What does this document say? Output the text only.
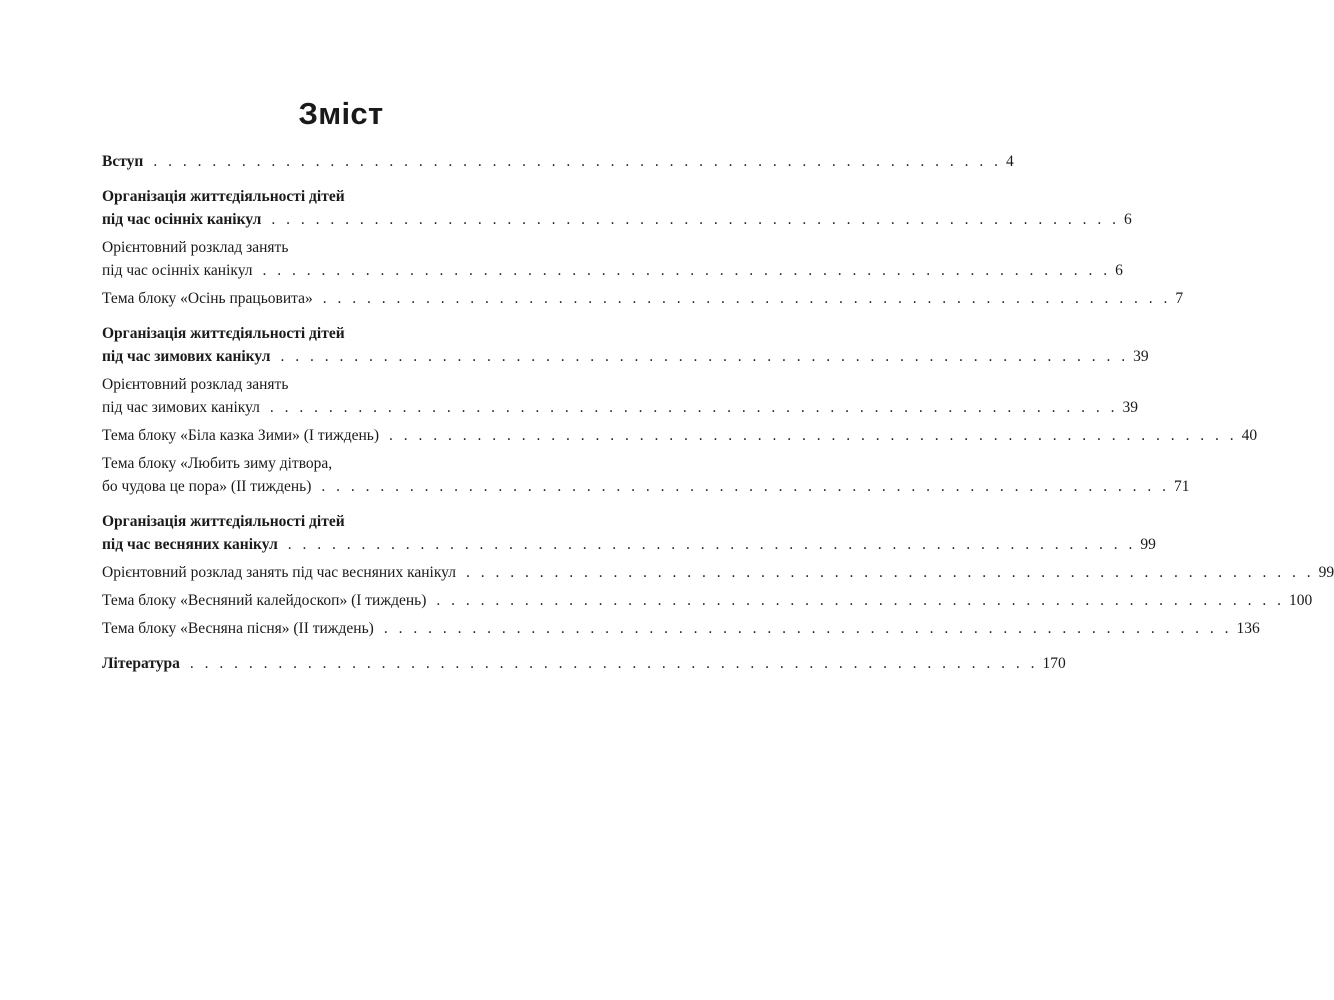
Зміст
Вступ . . . . . . . . . . . . . . . . . . . . . . . . . . . . . . . . . . . . . . . . . . . . . . . . . . . . . . . . . . 4
Організація життєдіяльності дітей
під час осінніх канікул . . . . . . . . . . . . . . . . . . . . . . . . . . . . . . . . . . . . . . . . . . . . . . . . . . . . . . . . . . 6
Орієнтовний розклад занять
під час осінніх канікул . . . . . . . . . . . . . . . . . . . . . . . . . . . . . . . . . . . . . . . . . . . . . . . . . . . . . . . . . . 6
Тема блоку «Осінь працьовита» . . . . . . . . . . . . . . . . . . . . . . . . . . . . . . . . . . . . . . . . . . . . . . . . . . . . . . . . . . 7
Організація життєдіяльності дітей
під час зимових канікул . . . . . . . . . . . . . . . . . . . . . . . . . . . . . . . . . . . . . . . . . . . . . . . . . . . . . . . . . . 39
Орієнтовний розклад занять
під час зимових канікул . . . . . . . . . . . . . . . . . . . . . . . . . . . . . . . . . . . . . . . . . . . . . . . . . . . . . . . . . . 39
Тема блоку «Біла казка Зими» (І тиждень) . . . . . . . . . . . . . . . . . . . . . . . . . . . . . . . . . . . . . . . . . . . . . . . . . . . . . . . . . . 40
Тема блоку «Любить зиму дітвора,
бо чудова це пора» (ІІ тиждень) . . . . . . . . . . . . . . . . . . . . . . . . . . . . . . . . . . . . . . . . . . . . . . . . . . . . . . . . . . 71
Організація життєдіяльності дітей
під час весняних канікул . . . . . . . . . . . . . . . . . . . . . . . . . . . . . . . . . . . . . . . . . . . . . . . . . . . . . . . . . . 99
Орієнтовний розклад занять під час весняних канікул . . . . . . . . . . . . . . . . . . . . . . . . . . . . . . . . . . . . . . . . . . . . . . . . . . . . . . . . . . 99
Тема блоку «Весняний калейдоскоп» (І тиждень) . . . . . . . . . . . . . . . . . . . . . . . . . . . . . . . . . . . . . . . . . . . . . . . . . . . . . . . . . . 100
Тема блоку «Весняна пісня» (ІІ тиждень) . . . . . . . . . . . . . . . . . . . . . . . . . . . . . . . . . . . . . . . . . . . . . . . . . . . . . . . . . . 136
Література . . . . . . . . . . . . . . . . . . . . . . . . . . . . . . . . . . . . . . . . . . . . . . . . . . . . . . . . . . 170
